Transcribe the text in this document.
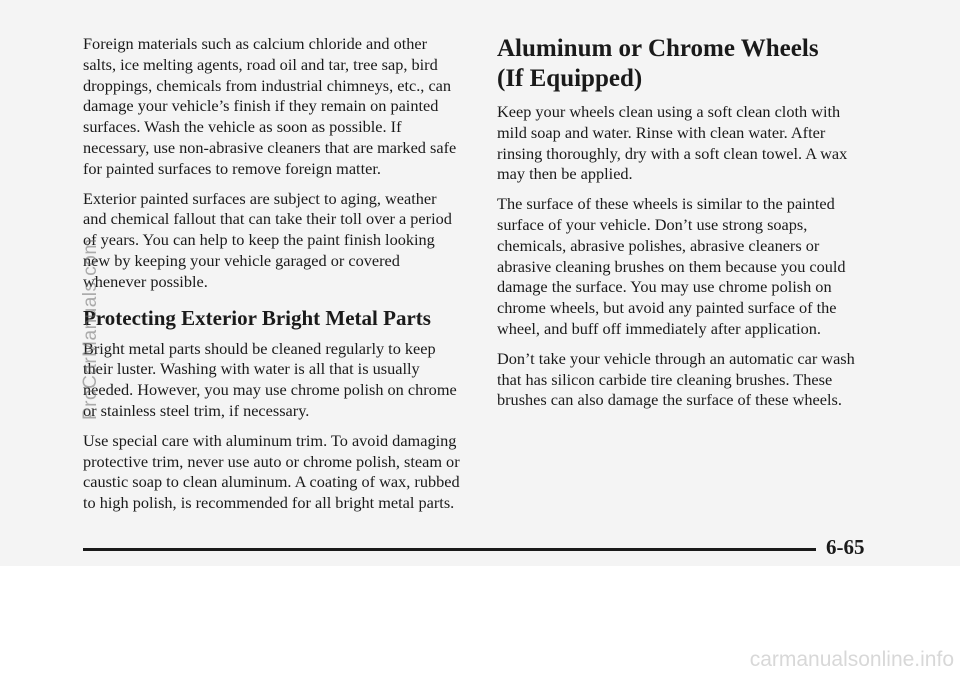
Foreign materials such as calcium chloride and other salts, ice melting agents, road oil and tar, tree sap, bird droppings, chemicals from industrial chimneys, etc., can damage your vehicle’s finish if they remain on painted surfaces. Wash the vehicle as soon as possible. If necessary, use non-abrasive cleaners that are marked safe for painted surfaces to remove foreign matter.

Exterior painted surfaces are subject to aging, weather and chemical fallout that can take their toll over a period of years. You can help to keep the paint finish looking new by keeping your vehicle garaged or covered whenever possible.

Protecting Exterior Bright Metal Parts

Bright metal parts should be cleaned regularly to keep their luster. Washing with water is all that is usually needed. However, you may use chrome polish on chrome or stainless steel trim, if necessary.

Use special care with aluminum trim. To avoid damaging protective trim, never use auto or chrome polish, steam or caustic soap to clean aluminum. A coating of wax, rubbed to high polish, is recommended for all bright metal parts.

Aluminum or Chrome Wheels
(If Equipped)

Keep your wheels clean using a soft clean cloth with mild soap and water. Rinse with clean water. After rinsing thoroughly, dry with a soft clean towel. A wax may then be applied.

The surface of these wheels is similar to the painted surface of your vehicle. Don’t use strong soaps, chemicals, abrasive polishes, abrasive cleaners or abrasive cleaning brushes on them because you could damage the surface. You may use chrome polish on chrome wheels, but avoid any painted surface of the wheel, and buff off immediately after application.

Don’t take your vehicle through an automatic car wash that has silicon carbide tire cleaning brushes. These brushes can also damage the surface of these wheels.

6-65
ProCarManuals.com
carmanualsonline.info
